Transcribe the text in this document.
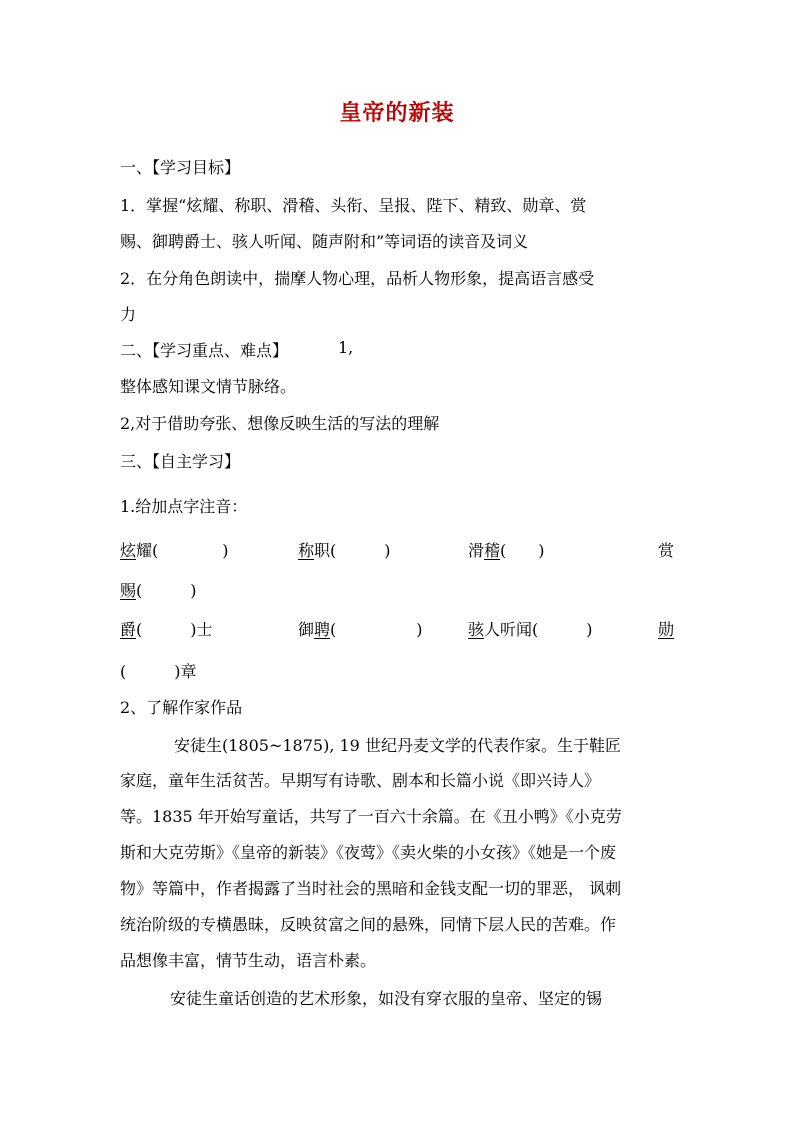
皇帝的新装
一、【学习目标】
1．掌握“炫耀、称职、滑稽、头衔、呈报、陛下、精致、勋章、赏
赐、御聘爵士、骇人听闻、随声附和”等词语的读音及词义
2．在分角色朗读中，揣摩人物心理，品析人物形象，提高语言感受
力
二、【学习重点、难点】	1,
整体感知课文情节脉络。
2,对于借助夸张、想像反映生活的写法的理解
三、【自主学习】
1.给加点字注音：
炫耀(　　　　)	称职(　　　)	滑稽(　　)	赏
赐(　　　)
爵(　　　)士	御聘(　　　　　)	骇人听闻(　　　)	勋
(　　　)章
2、了解作家作品
安徒生(1805~1875), 19 世纪丹麦文学的代表作家。生于鞋匠
家庭，童年生活贫苦。早期写有诗歌、剧本和长篇小说《即兴诗人》
等。1835 年开始写童话，共写了一百六十余篇。在《丑小鸭》《小克劳
斯和大克劳斯》《皇帝的新装》《夜莺》《卖火柴的小女孩》《她是一个废
物》等篇中，作者揭露了当时社会的黑暗和金钱支配一切的罪恶， 讽刺
统治阶级的专横愚昧，反映贫富之间的悬殊，同情下层人民的苦难。作
品想像丰富，情节生动，语言朴素。
安徒生童话创造的艺术形象，如没有穿衣服的皇帝、坚定的锡
